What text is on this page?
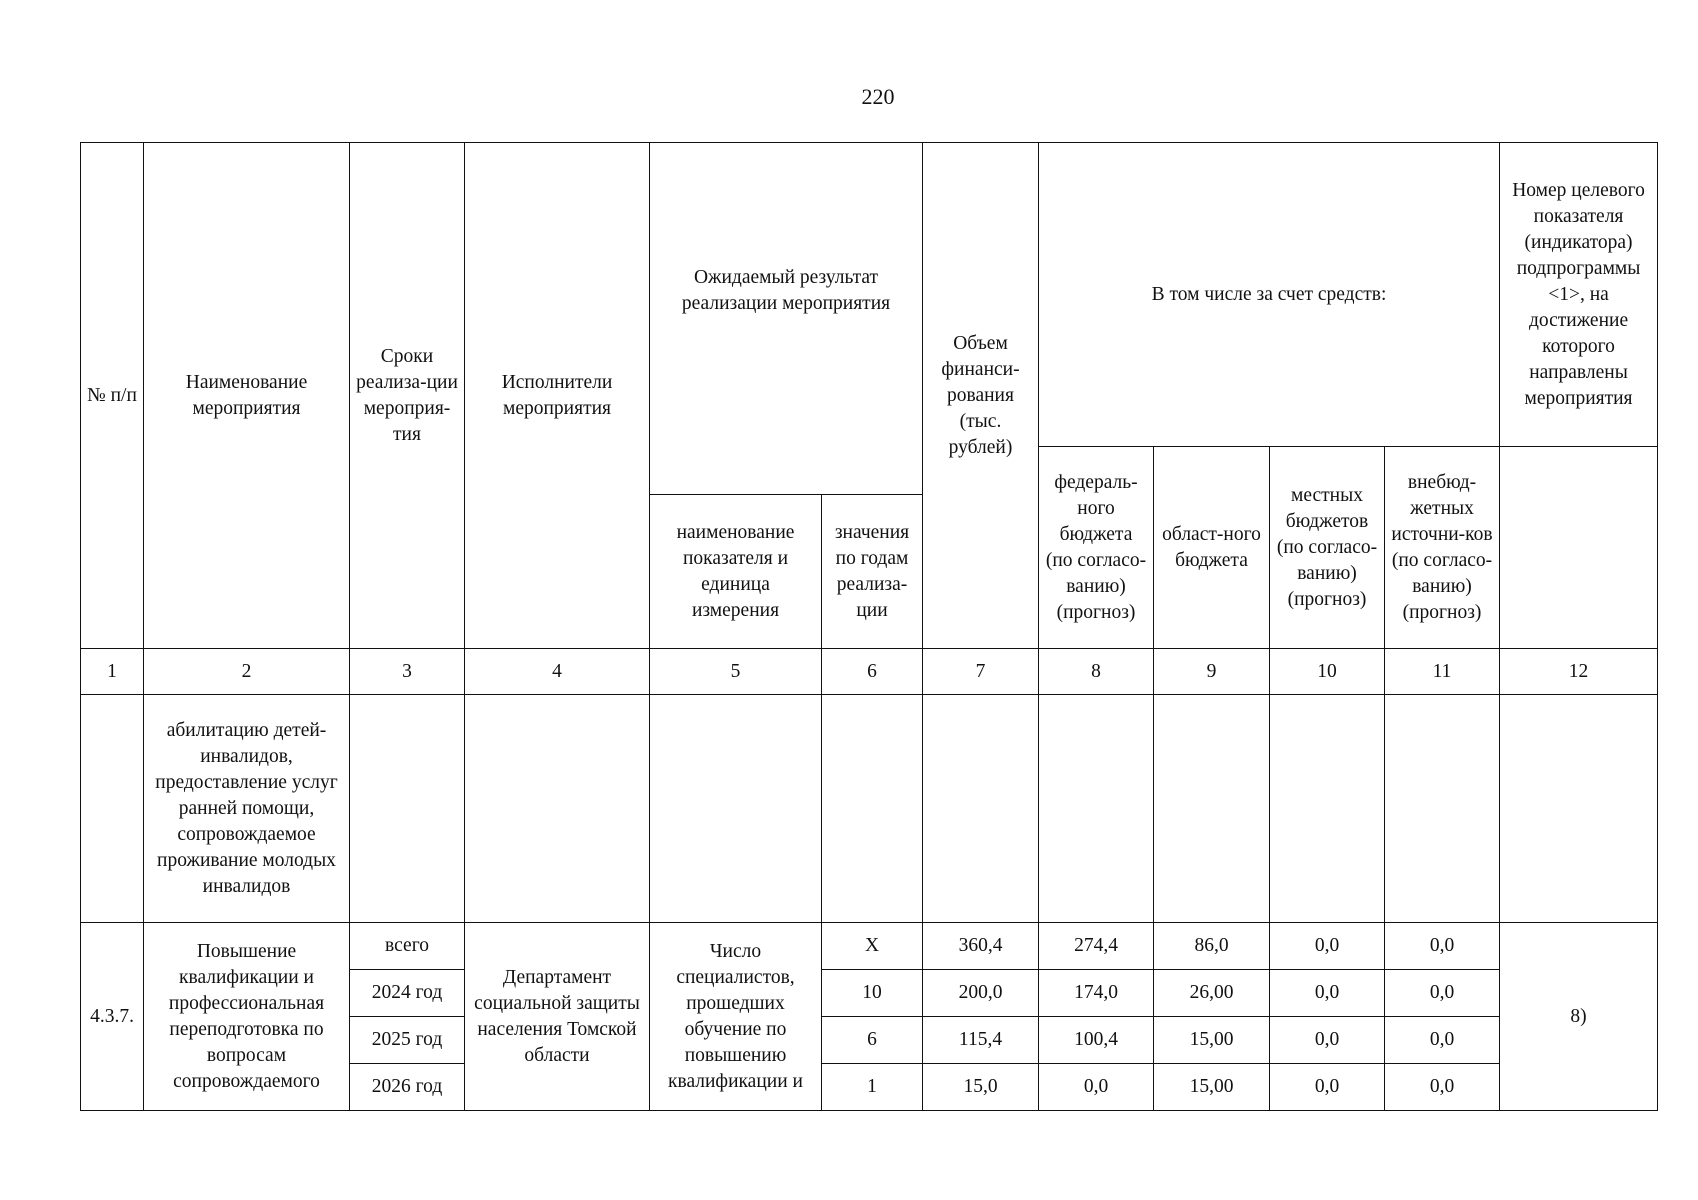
220
№ п/п	Наименование мероприятия	Сроки реализа-ции мероприя-тия	Исполнители мероприятия	Ожидаемый результат реализации мероприятия		Объем финанси-рования (тыс. рублей)	В том числе за счет средств:				Номер целевого показателя (индикатора) подпрограммы <1>, на достижение которого направлены мероприятия
							федераль-ного бюджета (по согласо-ванию) (прогноз)	област-ного бюджета	местных бюджетов (по согласо-ванию) (прогноз)	внебюд-жетных источни-ков (по согласо-ванию) (прогноз)	
				наименование показателя и единица измерения	значения по годам реализа-ции						
1	2	3	4	5	6	7	8	9	10	11	12
	абилитацию детей-инвалидов, предоставление услуг ранней помощи, сопровождаемое проживание молодых инвалидов										
4.3.7.	Повышение квалификации и профессиональная переподготовка по вопросам сопровождаемого	всего	Департамент социальной защиты населения Томской области	Число специалистов, прошедших обучение по повышению квалификации и	Х	360,4	274,4	86,0	0,0	0,0	8)
		2024 год			10	200,0	174,0	26,00	0,0	0,0	
		2025 год			6	115,4	100,4	15,00	0,0	0,0	
		2026 год			1	15,0	0,0	15,00	0,0	0,0	
